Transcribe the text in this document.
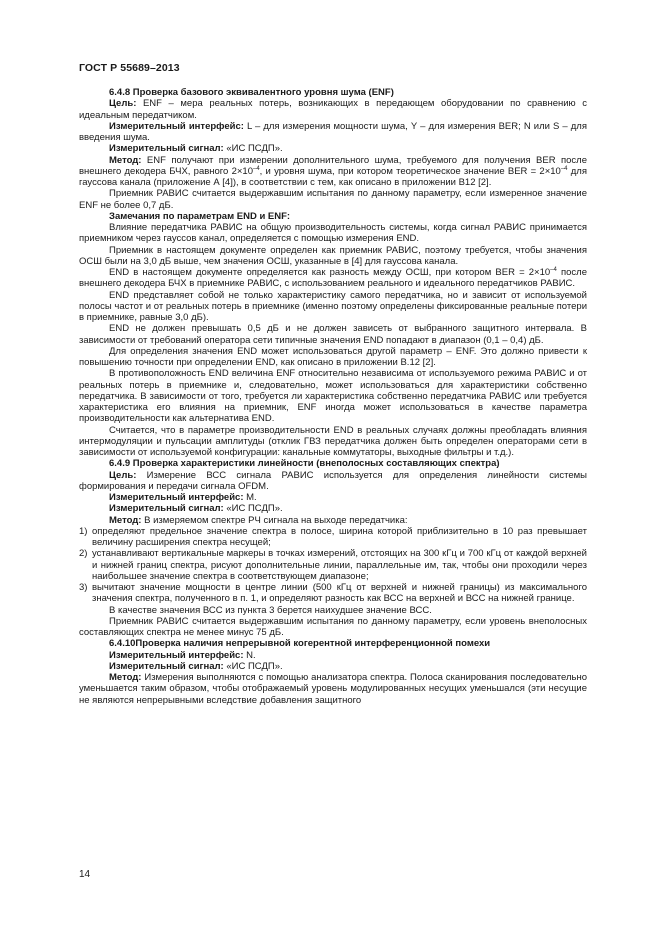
ГОСТ Р 55689–2013

6.4.8 Проверка базового эквивалентного уровня шума (ENF)

Цель: ENF – мера реальных потерь, возникающих в передающем оборудовании по сравнению с идеальным передатчиком.

Измерительный интерфейс: L – для измерения мощности шума, Y – для измерения BER; N или S – для введения шума.

Измерительный сигнал: «ИС ПСДП».

Метод: ENF получают при измерении дополнительного шума, требуемого для получения BER после внешнего декодера БЧХ, равного $2\times 10^{-4}$, и уровня шума, при котором теоретическое значение BER = $2\times 10^{-4}$ для гауссова канала (приложение А [4]), в соответствии с тем, как описано в приложении В12 [2].

Приемник РАВИС считается выдержавшим испытания по данному параметру, если измеренное значение ENF не более 0,7 дБ.

Замечания по параметрам END и ENF:

Влияние передатчика РАВИС на общую производительность системы, когда сигнал РАВИС принимается приемником через гауссов канал, определяется с помощью измерения END.

Приемник в настоящем документе определен как приемник РАВИС, поэтому требуется, чтобы значения ОСШ были на 3,0 дБ выше, чем значения ОСШ, указанные в [4] для гауссова канала.

END в настоящем документе определяется как разность между ОСШ, при котором BER = $2\times 10^{-4}$ после внешнего декодера БЧХ в приемнике РАВИС, с использованием реального и идеального передатчиков РАВИС.

END представляет собой не только характеристику самого передатчика, но и зависит от используемой полосы частот и от реальных потерь в приемнике (именно поэтому определены фиксированные реальные потери в приемнике, равные 3,0 дБ).

END не должен превышать 0,5 дБ и не должен зависеть от выбранного защитного интервала. В зависимости от требований оператора сети типичные значения END попадают в диапазон (0,1 – 0,4) дБ.

Для определения значения END может использоваться другой параметр – ENF. Это должно привести к повышению точности при определении END, как описано в приложении В.12 [2].

В противоположность END величина ENF относительно независима от используемого режима РАВИС и от реальных потерь в приемнике и, следовательно, может использоваться для характеристики собственно передатчика. В зависимости от того, требуется ли характеристика собственно передатчика РАВИС или требуется характеристика его влияния на приемник, ENF иногда может использоваться в качестве параметра производительности как альтернатива END.

Считается, что в параметре производительности END в реальных случаях должны преобладать влияния интермодуляции и пульсации амплитуды (отклик ГВЗ передатчика должен быть определен операторами сети в зависимости от используемой конфигурации: канальные коммутаторы, выходные фильтры и т.д.).

6.4.9 Проверка характеристики линейности (внеполосных составляющих спектра)

Цель: Измерение ВСС сигнала РАВИС используется для определения линейности системы формирования и передачи сигнала OFDM.

Измерительный интерфейс: M.

Измерительный сигнал: «ИС ПСДП».

Метод: В измеряемом спектре РЧ сигнала на выходе передатчика:

1) определяют предельное значение спектра в полосе, ширина которой приблизительно в 10 раз превышает величину расширения спектра несущей;
2) устанавливают вертикальные маркеры в точках измерений, отстоящих на 300 кГц и 700 кГц от каждой верхней и нижней границ спектра, рисуют дополнительные линии, параллельные им, так, чтобы они проходили через наибольшее значение спектра в соответствующем диапазоне;
3) вычитают значение мощности в центре линии (500 кГц от верхней и нижней границы) из максимального значения спектра, полученного в п. 1, и определяют разность как ВСС на верхней и ВСС на нижней границе.

В качестве значения ВСС из пункта 3 берется наихудшее значение ВСС.

Приемник РАВИС считается выдержавшим испытания по данному параметру, если уровень внеполосных составляющих спектра не менее минус 75 дБ.

6.4.10Проверка наличия непрерывной когерентной интерференционной помехи

Измерительный интерфейс: N.

Измерительный сигнал: «ИС ПСДП».

Метод: Измерения выполняются с помощью анализатора спектра. Полоса сканирования последовательно уменьшается таким образом, чтобы отображаемый уровень модулированных несущих уменьшался (эти несущие не являются непрерывными вследствие добавления защитного

14
